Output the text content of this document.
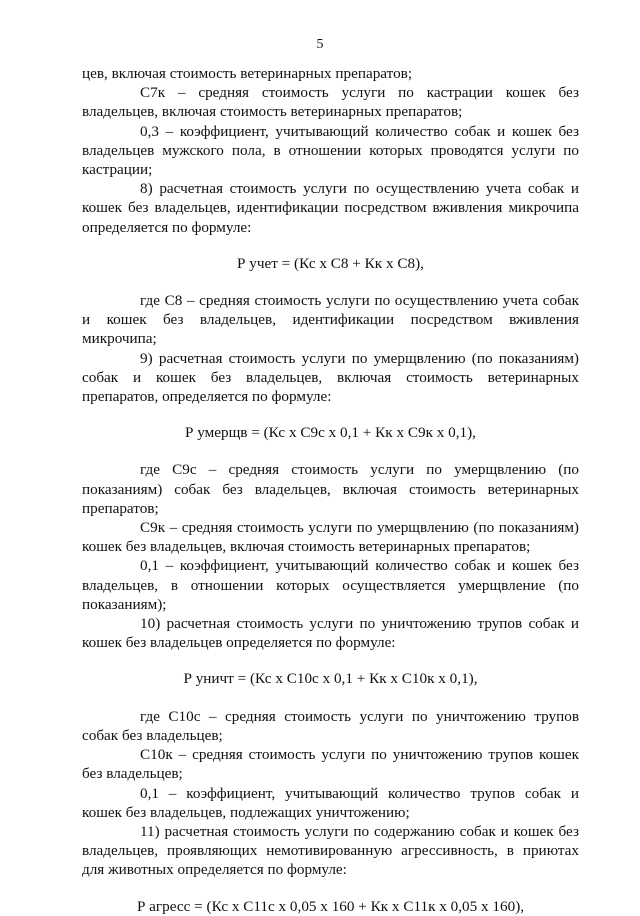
5

цев, включая стоимость ветеринарных препаратов;

С7к – средняя стоимость услуги по кастрации кошек без владельцев, включая стоимость ветеринарных препаратов;

0,3 – коэффициент, учитывающий количество собак и кошек без владельцев мужского пола, в отношении которых проводятся услуги по кастрации;

8) расчетная стоимость услуги по осуществлению учета собак и кошек без владельцев, идентификации посредством вживления микрочипа определяется по формуле:

Р учет = (Кс х С8 + Кк х С8),

где С8 – средняя стоимость услуги по осуществлению учета собак и кошек без владельцев, идентификации посредством вживления микрочипа;

9) расчетная стоимость услуги по умерщвлению (по показаниям) собак и кошек без владельцев, включая стоимость ветеринарных препаратов, определяется по формуле:

Р умерщв = (Кс х С9с х 0,1 + Кк х С9к х 0,1),

где С9с – средняя стоимость услуги по умерщвлению (по показаниям) собак без владельцев, включая стоимость ветеринарных препаратов;

С9к – средняя стоимость услуги по умерщвлению (по показаниям) кошек без владельцев, включая стоимость ветеринарных препаратов;

0,1 – коэффициент, учитывающий количество собак и кошек без владельцев, в отношении которых осуществляется умерщвление (по показаниям);

10) расчетная стоимость услуги по уничтожению трупов собак и кошек без владельцев определяется по формуле:

Р уничт = (Кс х С10с х 0,1 + Кк х С10к х 0,1),

где С10с – средняя стоимость услуги по уничтожению трупов собак без владельцев;

С10к – средняя стоимость услуги по уничтожению трупов кошек без владельцев;

0,1 – коэффициент, учитывающий количество трупов собак и кошек без владельцев, подлежащих уничтожению;

11) расчетная стоимость услуги по содержанию собак и кошек без владельцев, проявляющих немотивированную агрессивность, в приютах для животных определяется по формуле:

Р агресс = (Кс х С11с х 0,05 х 160 + Кк х С11к х 0,05 х 160),
